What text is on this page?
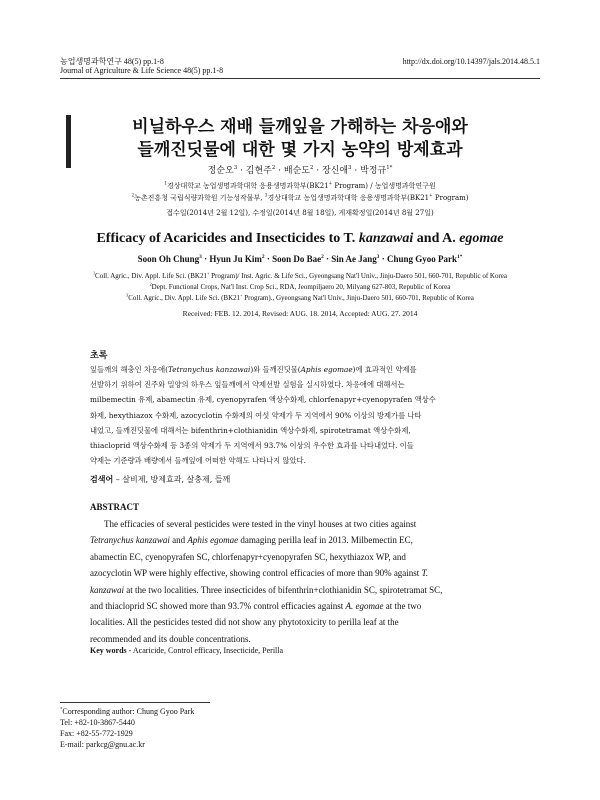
농업생명과학연구 48(5) pp.1-8	http://dx.doi.org/10.14397/jals.2014.48.5.1
Journal of Agriculture & Life Science 48(5) pp.1-8
비닐하우스 재배 들깨잎을 가해하는 차응애와
들깨진딧물에 대한 몇 가지 농약의 방제효과
정순오$^3$ · 김현주$^2$ · 배순도$^2$ · 장신애$^3$ · 박정규$^{1*}$
$^1$경상대학교 농업생명과학대학 응용생명과학부(BK21+ Program) / 농업생명과학연구원
$^2$농촌진흥청 국립식량과학원 기능성작물부, $^3$경상대학교 농업생명과학대학 응용생명과학부(BK21+ Program)
접수일(2014년 2월 12일), 수정일(2014년 8월 18일), 게재확정일(2014년 8월 27일)
Efficacy of Acaricides and Insecticides to T. kanzawai and A. egomae
Soon Oh Chung$^3$ · Hyun Ju Kim$^2$ · Soon Do Bae$^2$ · Sin Ae Jang$^3$ · Chung Gyoo Park$^{1*}$
$^1$Coll. Agric., Div. Appl. Life Sci. (BK21+ Program)/ Inst. Agric. & Life Sci., Gyeongsang Nat'l Univ., Jinju-Daero 501, 660-701, Republic of Korea
$^2$Dept. Functional Crops, Nat'l Inst. Crop Sci., RDA, Jeompiljaero 20, Milyang 627-803, Republic of Korea
$^3$Coll. Agric., Div. Appl. Life Sci. (BK21+ Program)., Gyeongsang Nat'l Univ., Jinju-Daero 501, 660-701, Republic of Korea
Received: FEB. 12. 2014, Revised: AUG. 18. 2014, Accepted: AUG. 27. 2014
초록
잎들깨의 해충인 차응애(Tetranychus kanzawai)와 들깨진딧물(Aphis egomae)에 효과적인 약제를
선발하기 위하여 진주와 밀양의 하우스 잎들깨에서 약제선발 실험을 실시하였다. 차응애에 대해서는
milbemectin 유제, abamectin 유제, cyenopyrafen 액상수화제, chlorfenapyr+cyenopyrafen 액상수
화제, hexythiazox 수화제, azocyclotin 수화제의 여섯 약제가 두 지역에서 90% 이상의 방제가를 나타
내었고, 들깨진딧물에 대해서는 bifenthrin+clothianidin 액상수화제, spirotetramat 액상수화제,
thiacloprid 액상수화제 등 3종의 약제가 두 지역에서 93.7% 이상의 우수한 효과를 나타내었다. 이들
약제는 기준량과 배량에서 들깨잎에 어떠한 약해도 나타나지 않았다.
검색어 – 살비제, 방제효과, 살충제, 들깨
ABSTRACT
The efficacies of several pesticides were tested in the vinyl houses at two cities against
Tetranychus kanzawai and Aphis egomae damaging perilla leaf in 2013. Milbemectin EC,
abamectin EC, cyenopyrafen SC, chlorfenapyr+cyenopyrafen SC, hexythiazox WP, and
azocyclotin WP were highly effective, showing control efficacies of more than 90% against T.
kanzawai at the two localities. Three insecticides of bifenthrin+clothianidin SC, spirotetramat SC,
and thiacloprid SC showed more than 93.7% control efficacies against A. egomae at the two
localities. All the pesticides tested did not show any phytotoxicity to perilla leaf at the
recommended and its double concentrations.
Key words - Acaricide, Control efficacy, Insecticide, Perilla
*Corresponding author: Chung Gyoo Park
Tel: +82-10-3867-5440
Fax: +82-55-772-1929
E-mail: parkcg@gnu.ac.kr
